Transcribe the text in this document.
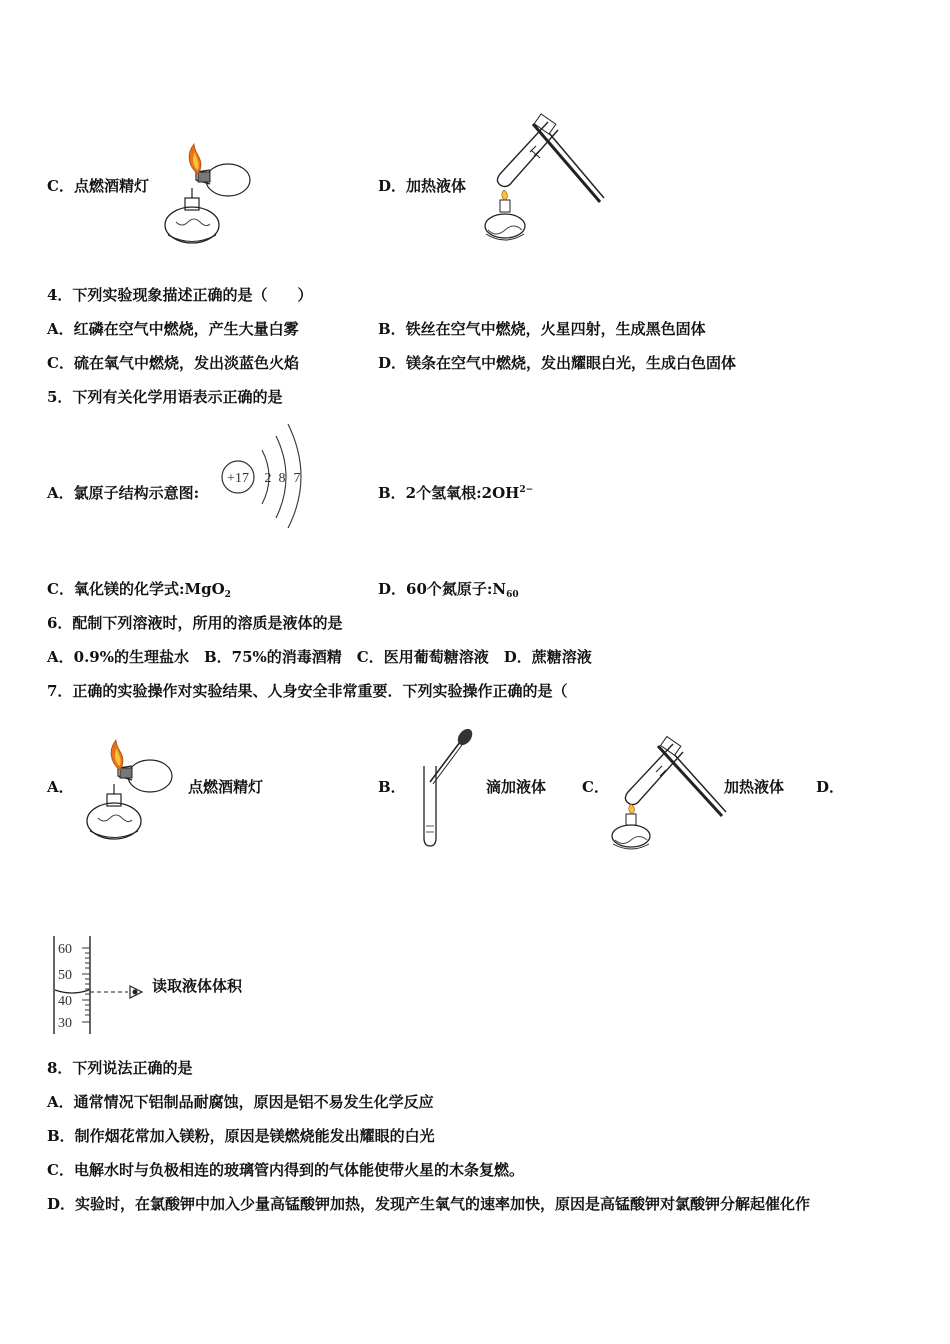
C．点燃酒精灯	D．加热液体
4．下列实验现象描述正确的是（　　）
A．红磷在空气中燃烧，产生大量白雾	B．铁丝在空气中燃烧，火星四射，生成黑色固体
C．硫在氧气中燃烧，发出淡蓝色火焰	D．镁条在空气中燃烧，发出耀眼白光，生成白色固体
5．下列有关化学用语表示正确的是
A．氯原子结构示意图:
+17 2 8 7
B．2个氢氧根$:2OH^{2-}$
C．氧化镁的化学式:MgO$_2$	D．60个氮原子$:N_{60}$
6．配制下列溶液时，所用的溶质是液体的是
A．0.9%的生理盐水　B．75%的消毒酒精　C．医用葡萄糖溶液　D．蔗糖溶液
7．正确的实验操作对实验结果、人身安全非常重要．下列实验操作正确的是（
A．	点燃酒精灯	B．	滴加液体 C．	加热液体 D．
60
50
40
30
读取液体体积
8．下列说法正确的是
A．通常情况下铝制品耐腐蚀，原因是铝不易发生化学反应
B．制作烟花常加入镁粉，原因是镁燃烧能发出耀眼的白光
C．电解水时与负极相连的玻璃管内得到的气体能使带火星的木条复燃。
D．实验时，在氯酸钾中加入少量高锰酸钾加热，发现产生氧气的速率加快，原因是高锰酸钾对氯酸钾分解起催化作
